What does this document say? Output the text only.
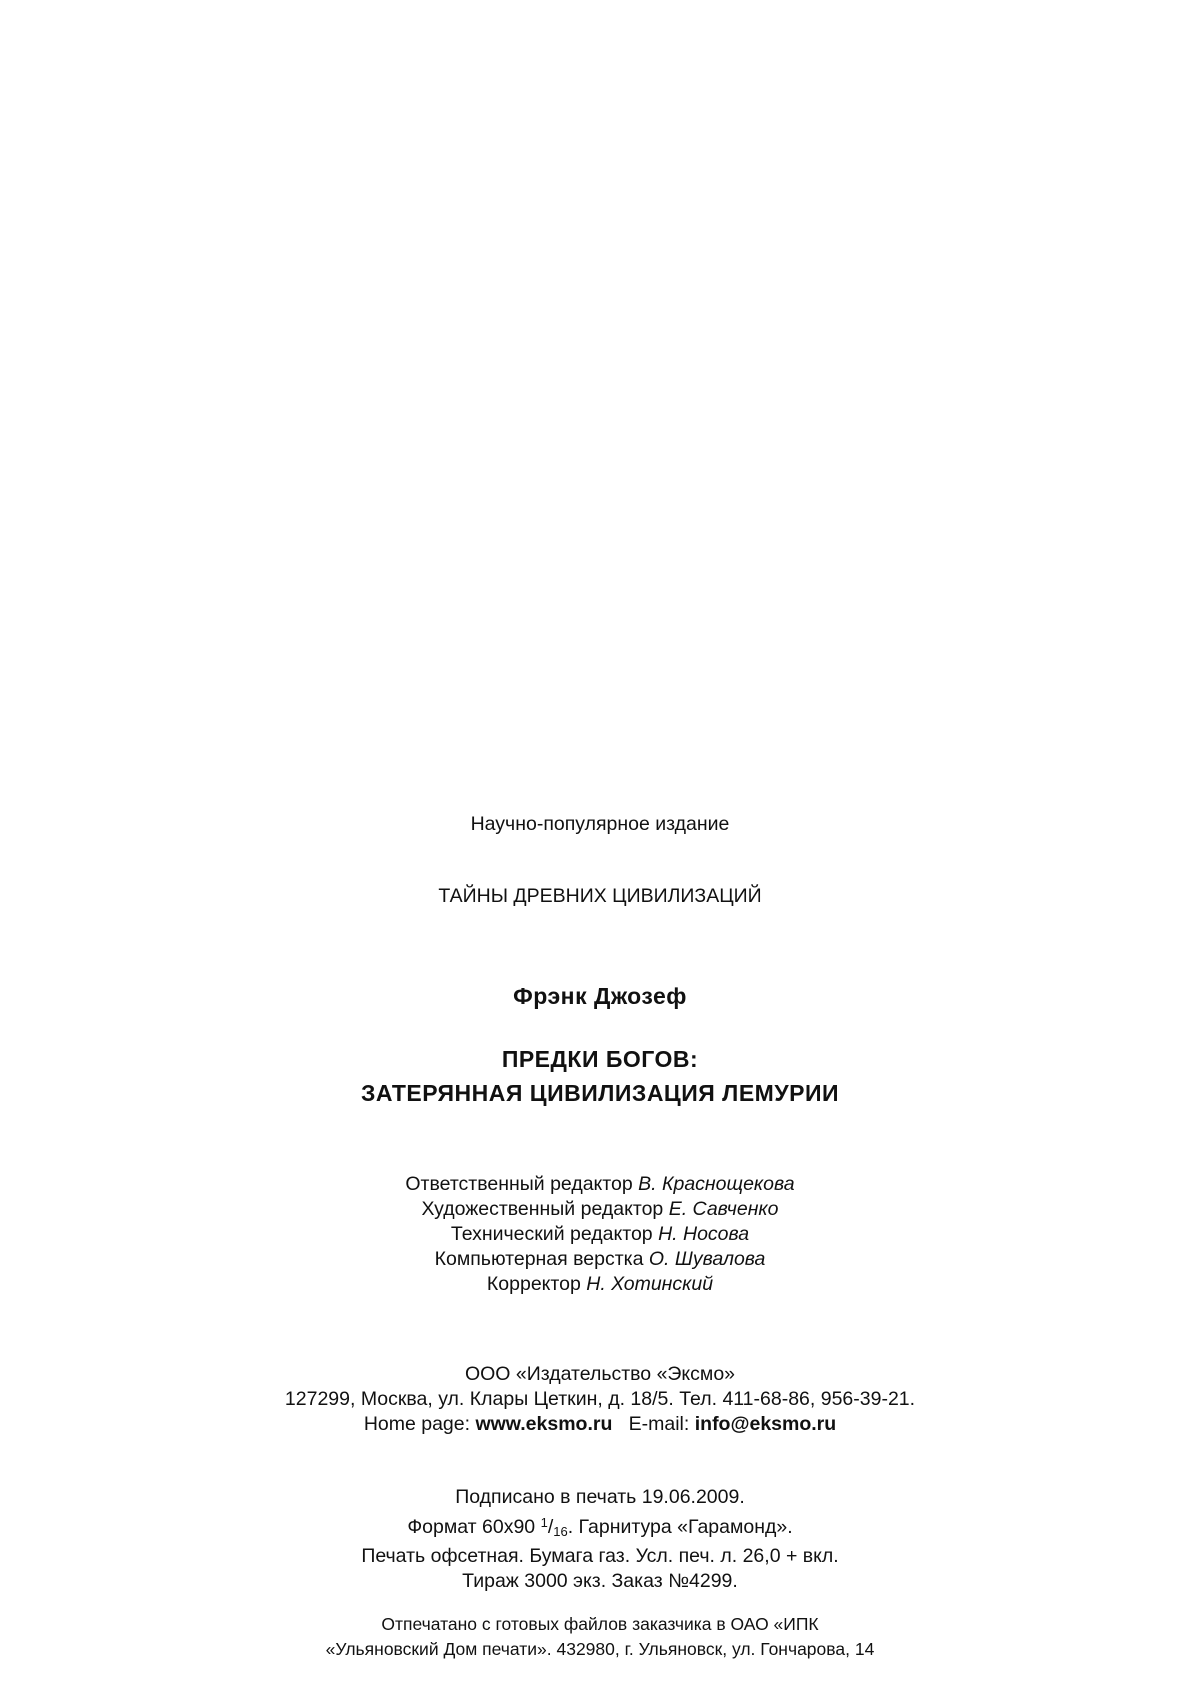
Научно-популярное издание
ТАЙНЫ ДРЕВНИХ ЦИВИЛИЗАЦИЙ
Фрэнк Джозеф
ПРЕДКИ БОГОВ:
ЗАТЕРЯННАЯ ЦИВИЛИЗАЦИЯ ЛЕМУРИИ
Ответственный редактор В. Краснощекова
Художественный редактор Е. Савченко
Технический редактор Н. Носова
Компьютерная верстка О. Шувалова
Корректор Н. Хотинский
ООО «Издательство «Эксмо»
127299, Москва, ул. Клары Цеткин, д. 18/5. Тел. 411-68-86, 956-39-21.
Home page: www.eksmo.ru E-mail: info@eksmo.ru
Подписано в печать 19.06.2009.
Формат 60х90 $^1/_{16}$. Гарнитура «Гарамонд».
Печать офсетная. Бумага газ. Усл. печ. л. 26,0 + вкл.
Тираж 3000 экз. Заказ №4299.
Отпечатано с готовых файлов заказчика в ОАО «ИПК
«Ульяновский Дом печати». 432980, г. Ульяновск, ул. Гончарова, 14
